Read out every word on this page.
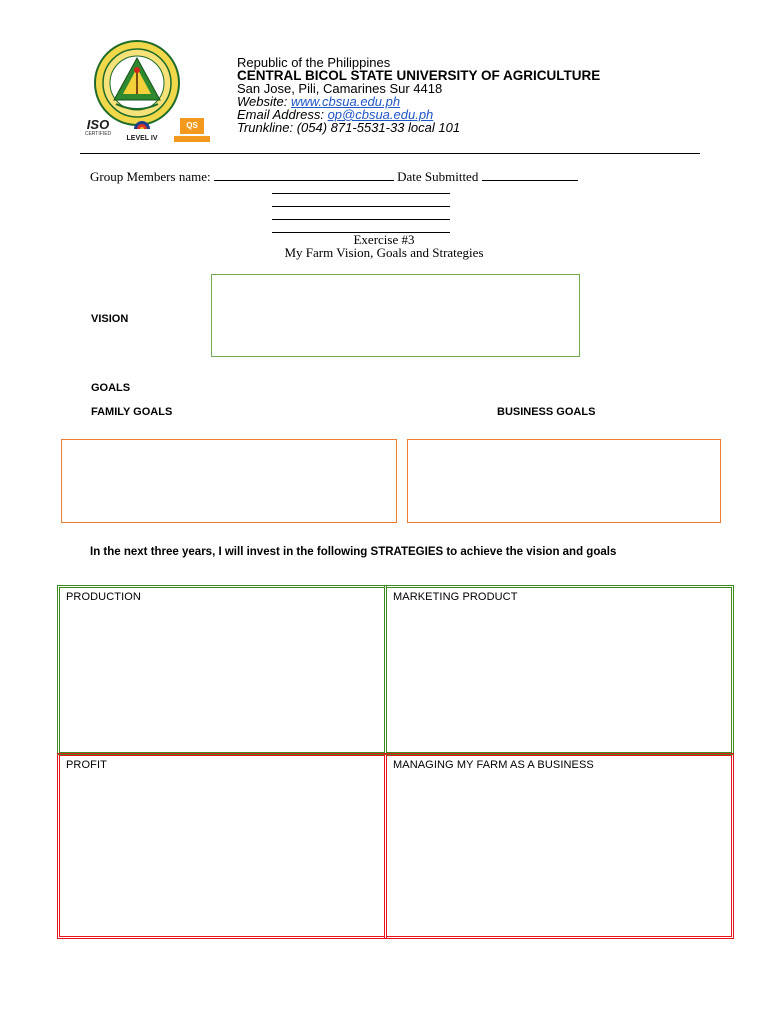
ISO
CERTIFIED
LEVEL IV
QS
Republic of the Philippines
CENTRAL BICOL STATE UNIVERSITY OF AGRICULTURE
San Jose, Pili, Camarines Sur 4418
Website: www.cbsua.edu.ph
Email Address: op@cbsua.edu.ph
Trunkline: (054) 871-5531-33 local 101
Group Members name:	Date Submitted
Exercise #3
My Farm Vision, Goals and Strategies
VISION
GOALS
FAMILY GOALS	BUSINESS GOALS
In the next three years, I will invest in the following STRATEGIES to achieve the vision and goals
PRODUCTION	MARKETING PRODUCT
PROFIT	MANAGING MY FARM AS A BUSINESS
